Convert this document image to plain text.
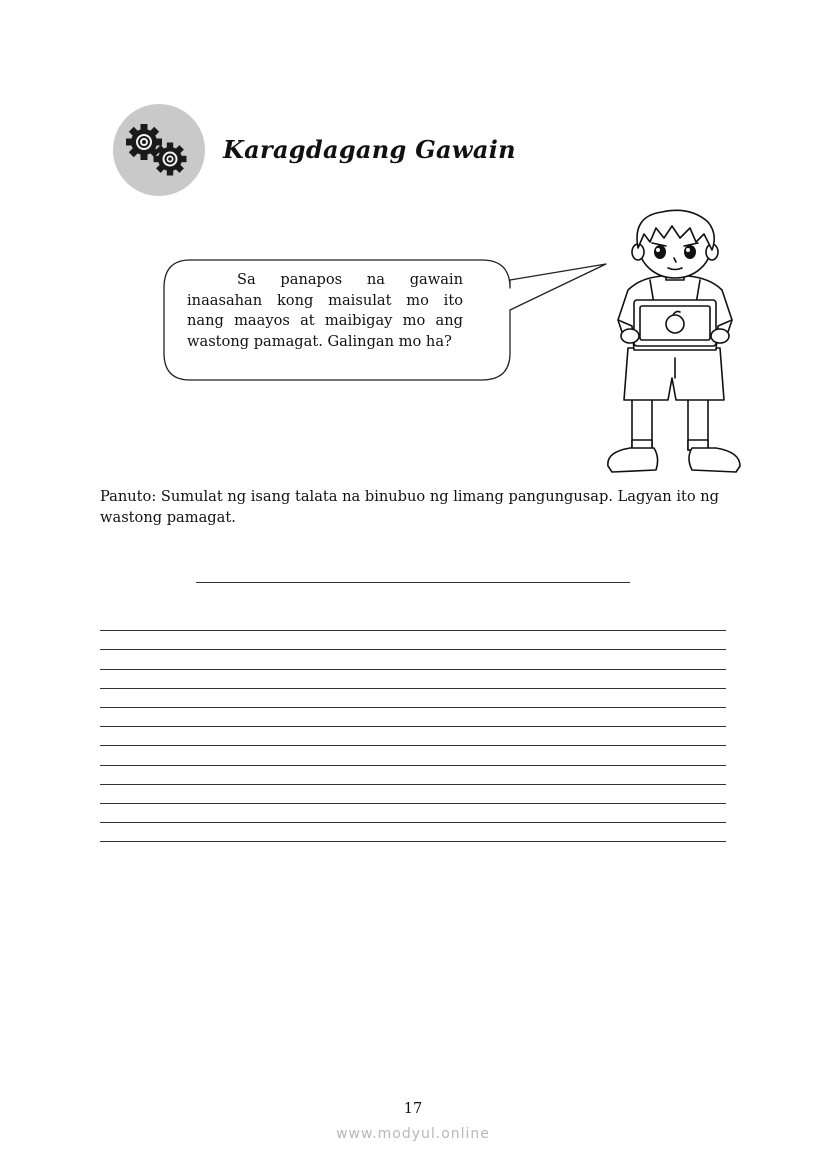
Karagdagang Gawain
Sa panapos na gawain inaasahan kong maisulat mo ito nang maayos at maibigay mo ang wastong pamagat. Galingan mo ha?
Panuto: Sumulat ng isang talata na binubuo ng limang pangungusap. Lagyan ito ng wastong pamagat.
17
www.modyul.online
